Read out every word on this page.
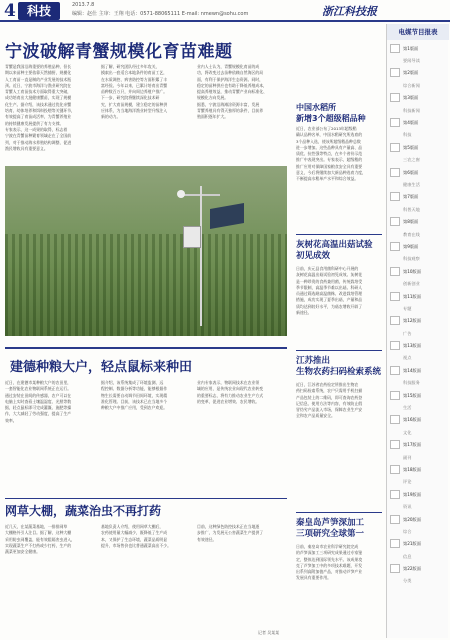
4 科技	2013.7.8
编辑：赵仕 主审：王翔 电话：0571-88065111 E-mail: nmewn@sohu.com	浙江科技报
宁波破解青蟹规模化育苗难题
青蟹是我国沿海重要的养殖品种，但长
期以来苗种主要依靠天然捕捞，规模化
人工育苗一直是制约产业发展的技术瓶
颈。近日，宁波市海洋与渔业研究院在
青蟹人工育苗技术方面取得重大突破，
成功培育出大批健康蟹苗，实现了规模
化生产。据介绍，该技术通过优化亲蟹
培育、幼体培养和饵料投喂等关键环节，
有效提高了育苗成活率，为青蟹养殖业
的持续健康发展提供了有力支撑。
专家表示，这一成果的取得，标志着
宁波在青蟹苗种繁育领域走在了全国前
列，对于推动海水养殖结构调整、促进
渔民增收具有重要意义。
据了解，研究团队经过多年攻关，
摸索出一套适合本地条件的育苗工艺，
在水质调控、病害防控等方面积累了丰
富经验。今年以来，已累计培育出青蟹
苗种数百万只，并向周边养殖户推广。
下一步，研究院将继续深化技术研
究，扩大育苗规模，建立稳定的苗种供
应体系，为当地海洋渔业转型升级注入
新的动力。
业内人士认为，青蟹规模化育苗的成
功，将改变过去苗种依赖自然海区的局
面，有利于保护海洋生态资源。同时，
稳定的苗种供应也有助于降低养殖成本，
提高养殖效益，推动青蟹产业向标准化、
规模化方向发展。
据悉，宁波沿海滩涂资源丰富，发展
青蟹养殖具有得天独厚的条件，目前养
殖面积逐年扩大。
建德种粮大户，轻点鼠标来种田
近日，在建德市某种粮大户的农田里，
一套智能化农业物联网系统正在运行。
通过安装在田间的传感器，农户可以在
电脑上实时查看土壤温湿度、光照等数
据，轻点鼠标即可完成灌溉、施肥等操
作，大大减轻了劳动强度，提高了生产
效率。
据介绍，该系统集成了环境监测、远
程控制、数据分析等功能，能够根据作
物生长需要自动调节田间环境，实现精
准化管理。目前，该技术已在当地多个
种粮大户中推广应用，受到农户欢迎。
业内专家表示，物联网技术在农业领
域的应用，是传统农业向现代农业转变
的重要标志，将有力推动农业生产方式
的变革，促进农业增效、农民增收。
网草大棚，蔬菜治虫不再打药
近几天，在某蔬菜基地，一排排网草
大棚格外引人注目。据了解，这种大棚
采用防虫网覆盖，能有效阻隔害虫进入，
实现蔬菜生产不打药或少打药，生产的
蔬菜更加安全健康。
基地负责人介绍，使用网草大棚后，
农药使用量大幅减少，既降低了生产成
本，又保护了生态环境，蔬菜品质明显
提升，市场售价也比普通蔬菜高出不少。
目前，这种绿色防控技术正在当地逐
步推广，为发展无公害蔬菜生产提供了
有效途径。
记者 吴某某
中国水稻所
新增3个超级稻品种
近日，农业部公布了2013年超级稻
确认品种名单，中国水稻研究所选育的
3个品种入选，使该所超级稻品种总数
进一步增加。这些品种具有产量高、品
质优、抗性强等特点，在多个省份示范
推广中表现突出。专家表示，超级稻的
推广应用对保障国家粮食安全具有重要
意义，今后将继续加大新品种选育力度，
不断提高水稻单产水平和综合效益。
灰树花高温出菇试验
初见成效
日前，庆元县食用菌科研中心开展的
灰树花高温出菇试验初见成效。灰树花
是一种珍贵的食药兼用菌，传统栽培受
季节限制，高温季节难以出菇。科研人
员通过筛选耐高温菌株、改进栽培管理
措施，成功实现了夏季出菇，产量和品
质均达到较好水平，为菇农增收开辟了
新途径。
江苏推出
生物农药扫码检索系统
近日，江苏省农药检定所推出生物农
药扫码检索系统，农户只需用手机扫描
产品包装上的二维码，即可查询农药登
记信息、使用方法等内容，有效防止假
冒伪劣产品流入市场，保障农业生产安
全和农产品质量安全。
秦皇岛芦笋深加工
三项研究全球第一
日前，秦皇岛市农业科学研究院完成
的芦笋深加工三项研究成果通过专家鉴
定，整体达到国际领先水平。该成果攻
克了芦笋加工中的多项技术难题，开发
出系列高附加值产品，对推动芦笋产业
发展具有重要作用。
电媒节目报表
第1版面
要闻导读
第2版面
综合新闻
第3版面
科技新闻
第4版面
科技
第5版面
三农之窗
第6版面
健康生活
第7版面
科普天地
第8版面
教育在线
第9版面
科技观察
第10版面
创新创业
第11版面
专题
第12版面
广告
第13版面
视点
第14版面
科技服务
第15版面
生活
第16版面
文化
第17版面
副刊
第18版面
评论
第19版面
资讯
第20版面
综合
第21版面
信息
第22版面
分类
